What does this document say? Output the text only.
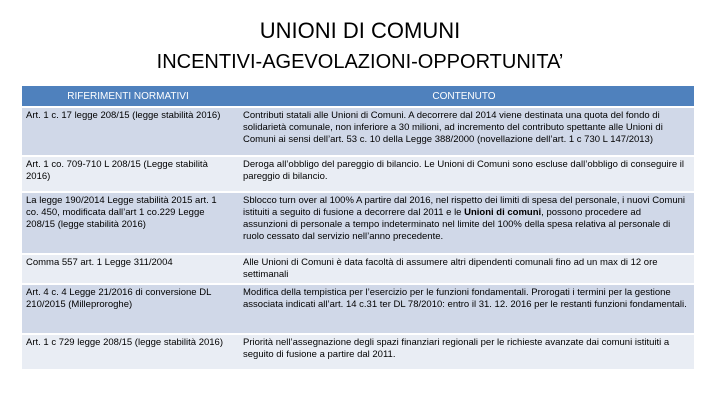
UNIONI DI COMUNI
INCENTIVI-AGEVOLAZIONI-OPPORTUNITA’
RIFERIMENTI NORMATIVI	CONTENUTO
Art. 1 c. 17 legge 208/15 (legge stabilità 2016)	Contributi statali alle Unioni di Comuni. A decorrere dal 2014 viene destinata una quota del fondo di solidarietà comunale, non inferiore a 30 milioni, ad incremento del contributo spettante alle Unioni di Comuni ai sensi dell’art. 53 c. 10 della Legge 388/2000 (novellazione dell’art. 1 c 730 L 147/2013)
Art. 1 co. 709-710 L 208/15 (Legge stabilità 2016)	Deroga all’obbligo del pareggio di bilancio. Le Unioni di Comuni sono escluse dall’obbligo di conseguire il pareggio di bilancio.
La legge 190/2014 Legge stabilità 2015 art. 1 co. 450, modificata dall’art 1 co.229 Legge 208/15 (legge stabilità 2016)	Sblocco turn over al 100% A partire dal 2016, nel rispetto dei limiti di spesa del personale, i nuovi Comuni istituiti a seguito di fusione a decorrere dal 2011 e le Unioni di comuni, possono procedere ad assunzioni di personale a tempo indeterminato nel limite del 100% della spesa relativa al personale di ruolo cessato dal servizio nell’anno precedente.
Comma 557 art. 1 Legge 311/2004	Alle Unioni di Comuni è data facoltà di assumere altri dipendenti comunali fino ad un max di 12 ore settimanali
Art. 4 c. 4 Legge 21/2016 di conversione DL 210/2015 (Milleproroghe)	Modifica della tempistica per l’esercizio per le funzioni fondamentali. Prorogati i termini per la gestione associata indicati all’art. 14 c.31 ter DL 78/2010: entro il 31. 12. 2016 per le restanti funzioni fondamentali.
Art. 1 c 729 legge 208/15 (legge stabilità 2016)	Priorità nell’assegnazione degli spazi finanziari regionali per le richieste avanzate dai comuni istituiti a seguito di fusione a partire dal 2011.
